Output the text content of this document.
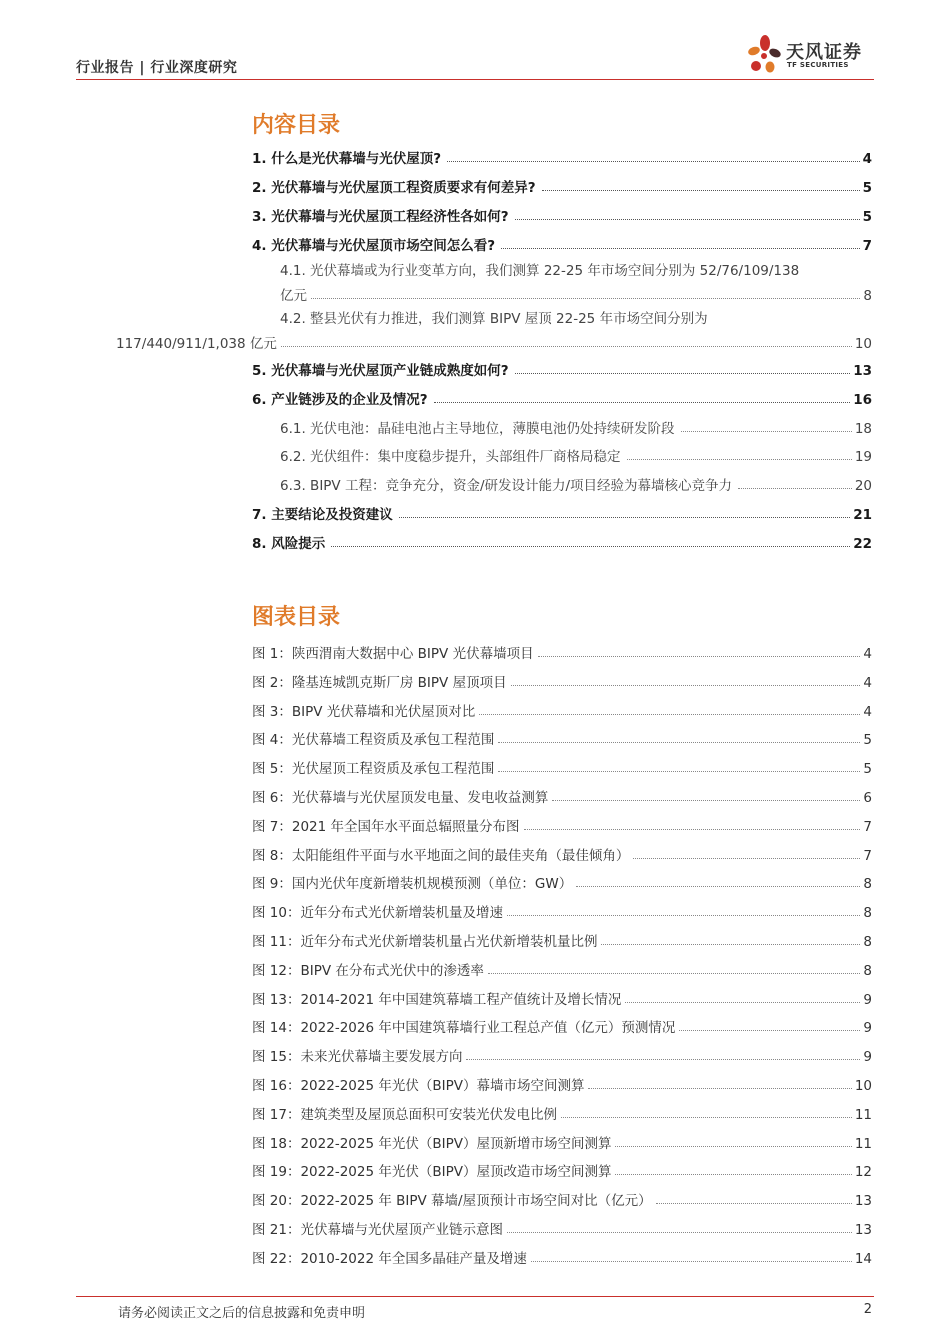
行业报告 | 行业深度研究
天风证券
TF SECURITIES
内容目录
1. 什么是光伏幕墙与光伏屋顶?	4
2. 光伏幕墙与光伏屋顶工程资质要求有何差异?	5
3. 光伏幕墙与光伏屋顶工程经济性各如何?	5
4. 光伏幕墙与光伏屋顶市场空间怎么看?	7
4.1. 光伏幕墙或为行业变革方向，我们测算 22-25 年市场空间分别为 52/76/109/138
亿元	8
4.2. 整县光伏有力推进，我们测算 BIPV 屋顶 22-25 年市场空间分别为
117/440/911/1,038 亿元	10
5. 光伏幕墙与光伏屋顶产业链成熟度如何?	13
6. 产业链涉及的企业及情况?	16
6.1. 光伏电池：晶硅电池占主导地位，薄膜电池仍处持续研发阶段	18
6.2. 光伏组件：集中度稳步提升，头部组件厂商格局稳定	19
6.3. BIPV 工程：竞争充分，资金/研发设计能力/项目经验为幕墙核心竞争力	20
7. 主要结论及投资建议	21
8. 风险提示	22
图表目录
图 1：陕西渭南大数据中心 BIPV 光伏幕墙项目	4
图 2：隆基连城凯克斯厂房 BIPV 屋顶项目	4
图 3：BIPV 光伏幕墙和光伏屋顶对比	4
图 4：光伏幕墙工程资质及承包工程范围	5
图 5：光伏屋顶工程资质及承包工程范围	5
图 6：光伏幕墙与光伏屋顶发电量、发电收益测算	6
图 7：2021 年全国年水平面总辐照量分布图	7
图 8：太阳能组件平面与水平地面之间的最佳夹角（最佳倾角）	7
图 9：国内光伏年度新增装机规模预测（单位：GW）	8
图 10：近年分布式光伏新增装机量及增速	8
图 11：近年分布式光伏新增装机量占光伏新增装机量比例	8
图 12：BIPV 在分布式光伏中的渗透率	8
图 13：2014-2021 年中国建筑幕墙工程产值统计及增长情况	9
图 14：2022-2026 年中国建筑幕墙行业工程总产值（亿元）预测情况	9
图 15：未来光伏幕墙主要发展方向	9
图 16：2022-2025 年光伏（BIPV）幕墙市场空间测算	10
图 17：建筑类型及屋顶总面积可安装光伏发电比例	11
图 18：2022-2025 年光伏（BIPV）屋顶新增市场空间测算	11
图 19：2022-2025 年光伏（BIPV）屋顶改造市场空间测算	12
图 20：2022-2025 年 BIPV 幕墙/屋顶预计市场空间对比（亿元）	13
图 21：光伏幕墙与光伏屋顶产业链示意图	13
图 22：2010-2022 年全国多晶硅产量及增速	14
请务必阅读正文之后的信息披露和免责申明	2
